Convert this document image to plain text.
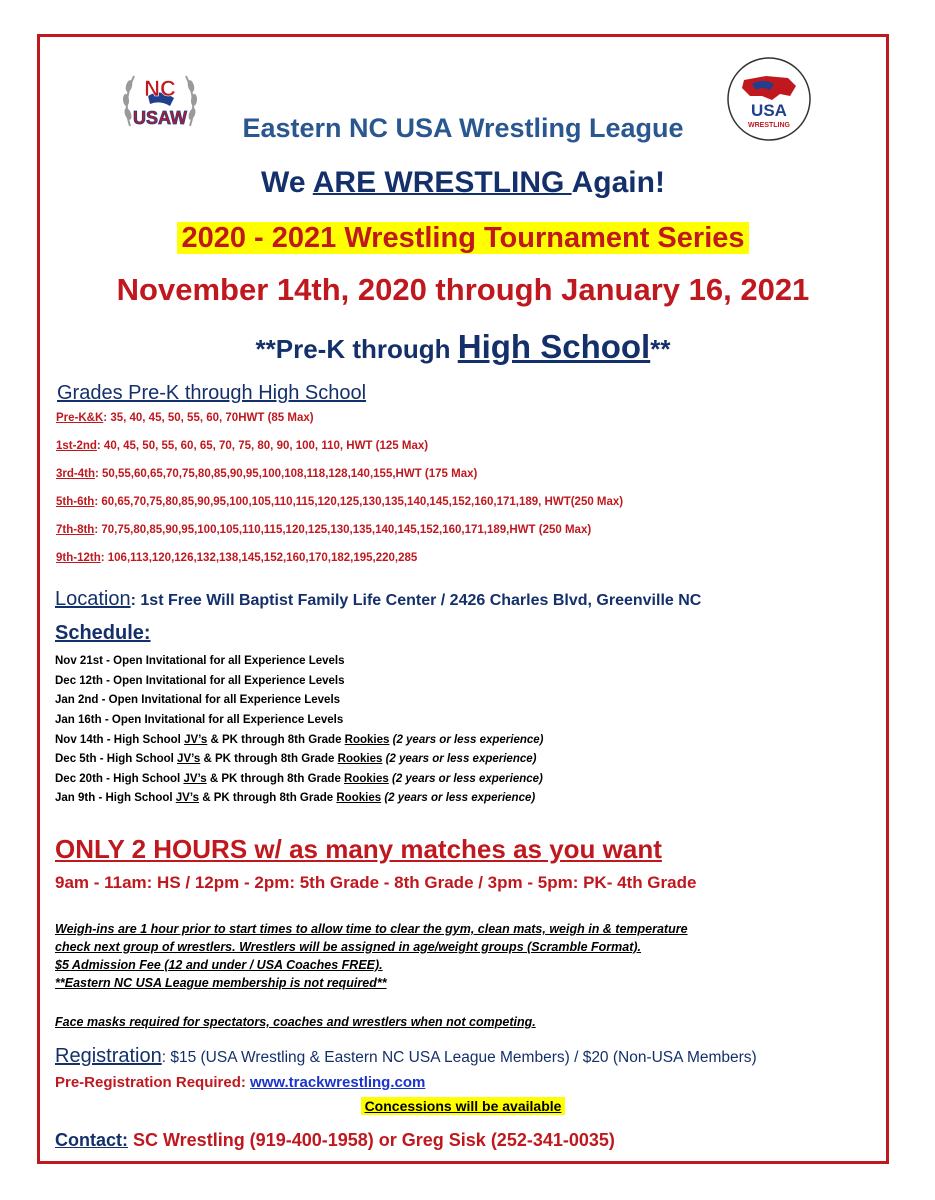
NC
USAW	USA
WRESTLING
Eastern NC USA Wrestling League
We ARE WRESTLING Again!
2020 - 2021 Wrestling Tournament Series
November 14th, 2020 through January 16, 2021
**Pre-K through High School**
Grades Pre-K through High School
Pre-K&K: 35, 40, 45, 50, 55, 60, 70HWT (85 Max)
1st-2nd: 40, 45, 50, 55, 60, 65, 70, 75, 80, 90, 100, 110, HWT (125 Max)
3rd-4th: 50,55,60,65,70,75,80,85,90,95,100,108,118,128,140,155,HWT (175 Max)
5th-6th: 60,65,70,75,80,85,90,95,100,105,110,115,120,125,130,135,140,145,152,160,171,189, HWT(250 Max)
7th-8th: 70,75,80,85,90,95,100,105,110,115,120,125,130,135,140,145,152,160,171,189,HWT (250 Max)
9th-12th: 106,113,120,126,132,138,145,152,160,170,182,195,220,285
Location: 1st Free Will Baptist Family Life Center / 2426 Charles Blvd, Greenville NC
Schedule:
Nov 21st - Open Invitational for all Experience Levels
Dec 12th - Open Invitational for all Experience Levels
Jan 2nd - Open Invitational for all Experience Levels
Jan 16th - Open Invitational for all Experience Levels
Nov 14th - High School JV’s & PK through 8th Grade Rookies (2 years or less experience)
Dec 5th - High School JV’s & PK through 8th Grade Rookies (2 years or less experience)
Dec 20th - High School JV’s & PK through 8th Grade Rookies (2 years or less experience)
Jan 9th - High School JV’s & PK through 8th Grade Rookies (2 years or less experience)
ONLY 2 HOURS w/ as many matches as you want
9am - 11am: HS / 12pm - 2pm: 5th Grade - 8th Grade / 3pm - 5pm: PK- 4th Grade
Weigh-ins are 1 hour prior to start times to allow time to clear the gym, clean mats, weigh in & temperature
check next group of wrestlers. Wrestlers will be assigned in age/weight groups (Scramble Format).
$5 Admission Fee (12 and under / USA Coaches FREE).
**Eastern NC USA League membership is not required**
Face masks required for spectators, coaches and wrestlers when not competing.
Registration: $15 (USA Wrestling & Eastern NC USA League Members) / $20 (Non-USA Members)
Pre-Registration Required: www.trackwrestling.com
Concessions will be available
Contact: SC Wrestling (919-400-1958) or Greg Sisk (252-341-0035)
